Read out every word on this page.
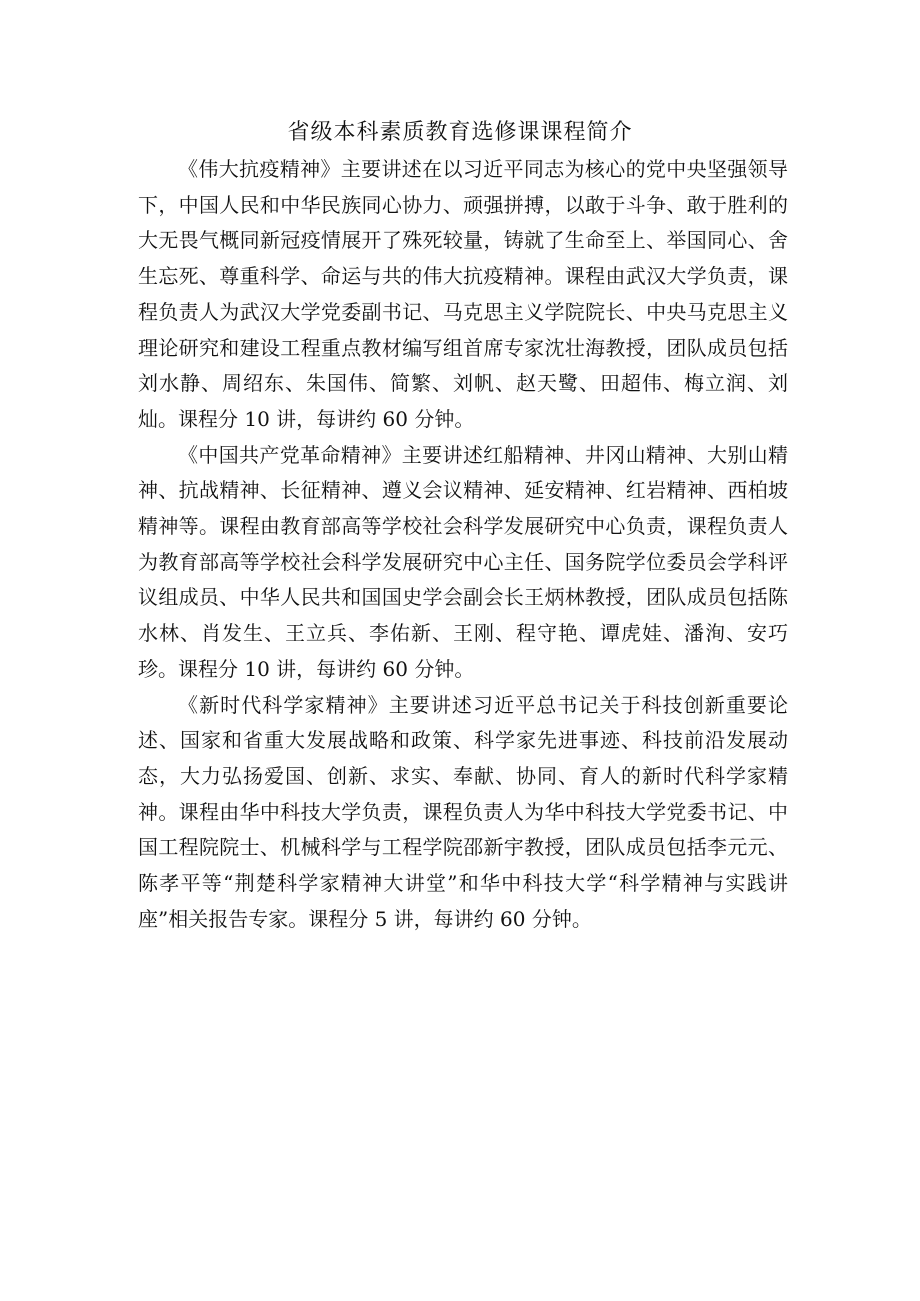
省级本科素质教育选修课课程简介

《伟大抗疫精神》主要讲述在以习近平同志为核心的党中央坚强领导下，中国人民和中华民族同心协力、顽强拼搏，以敢于斗争、敢于胜利的大无畏气概同新冠疫情展开了殊死较量，铸就了生命至上、举国同心、舍生忘死、尊重科学、命运与共的伟大抗疫精神。课程由武汉大学负责，课程负责人为武汉大学党委副书记、马克思主义学院院长、中央马克思主义理论研究和建设工程重点教材编写组首席专家沈壮海教授，团队成员包括刘水静、周绍东、朱国伟、简繁、刘帆、赵天鹭、田超伟、梅立润、刘灿。课程分 10 讲，每讲约 60 分钟。

《中国共产党革命精神》主要讲述红船精神、井冈山精神、大别山精神、抗战精神、长征精神、遵义会议精神、延安精神、红岩精神、西柏坡精神等。课程由教育部高等学校社会科学发展研究中心负责，课程负责人为教育部高等学校社会科学发展研究中心主任、国务院学位委员会学科评议组成员、中华人民共和国国史学会副会长王炳林教授，团队成员包括陈水林、肖发生、王立兵、李佑新、王刚、程守艳、谭虎娃、潘洵、安巧珍。课程分 10 讲，每讲约 60 分钟。

《新时代科学家精神》主要讲述习近平总书记关于科技创新重要论述、国家和省重大发展战略和政策、科学家先进事迹、科技前沿发展动态，大力弘扬爱国、创新、求实、奉献、协同、育人的新时代科学家精神。课程由华中科技大学负责，课程负责人为华中科技大学党委书记、中国工程院院士、机械科学与工程学院邵新宇教授，团队成员包括李元元、陈孝平等“荆楚科学家精神大讲堂”和华中科技大学“科学精神与实践讲座”相关报告专家。课程分 5 讲，每讲约 60 分钟。
